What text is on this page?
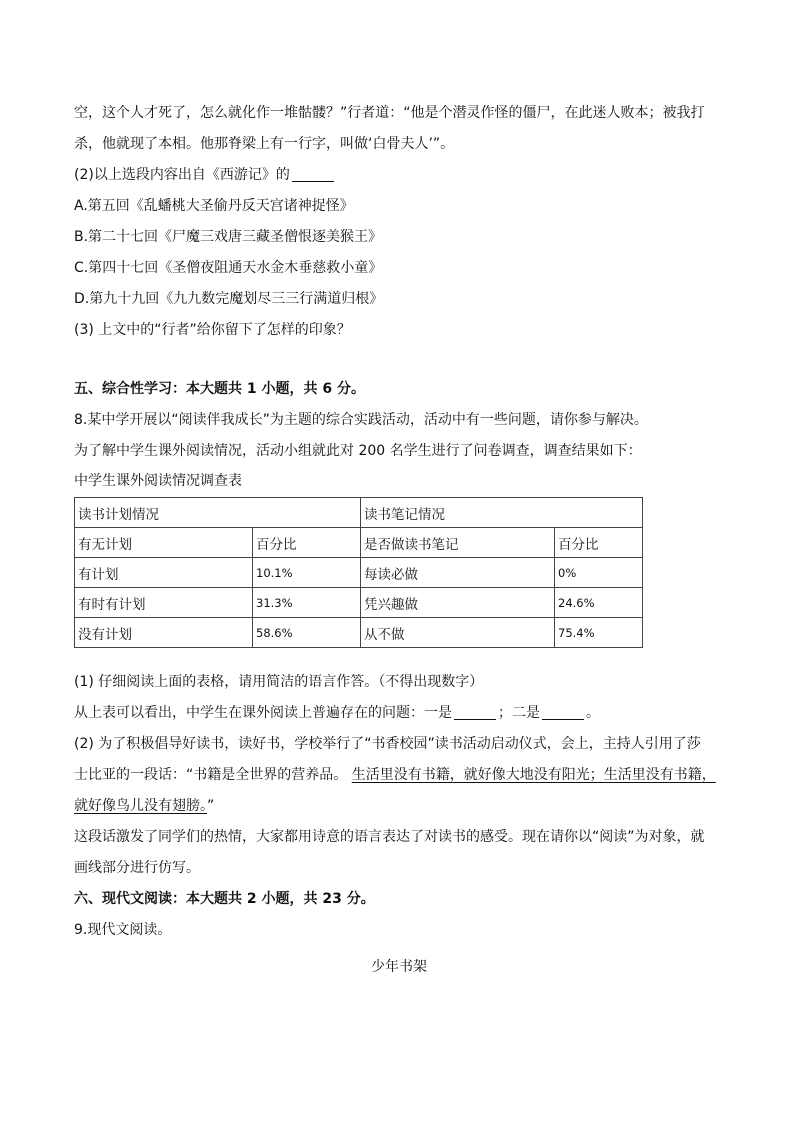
空，这个人才死了，怎么就化作一堆骷髅？”行者道：“他是个潜灵作怪的僵尸，在此迷人败本；被我打
杀，他就现了本相。他那脊梁上有一行字，叫做‘白骨夫人’”。
(2)以上选段内容出自《西游记》的
A.第五回《乱蟠桃大圣偷丹反天宫诸神捉怪》
B.第二十七回《尸魔三戏唐三藏圣僧恨逐美猴王》
C.第四十七回《圣僧夜阻通天水金木垂慈救小童》
D.第九十九回《九九数完魔划尽三三行满道归根》
(3) 上文中的“行者”给你留下了怎样的印象？
五、综合性学习：本大题共 1 小题，共 6 分。
8.某中学开展以“阅读伴我成长”为主题的综合实践活动，活动中有一些问题，请你参与解决。
为了解中学生课外阅读情况，活动小组就此对 200 名学生进行了问卷调查，调查结果如下：
中学生课外阅读情况调查表
读书计划情况		读书笔记情况	
有无计划	百分比	是否做读书笔记	百分比
有计划	10.1%	每读必做	0%
有时有计划	31.3%	凭兴趣做	24.6%
没有计划	58.6%	从不做	75.4%
(1) 仔细阅读上面的表格，请用简洁的语言作答。（不得出现数字）
从上表可以看出，中学生在课外阅读上普遍存在的问题：一是	；二是	。
(2) 为了积极倡导好读书，读好书，学校举行了“书香校园”读书活动启动仪式，会上，主持人引用了莎
士比亚的一段话：“书籍是全世界的营养品。 生活里没有书籍，就好像大地没有阳光；生活里没有书籍，
就好像鸟儿没有翅膀。”
这段话激发了同学们的热情，大家都用诗意的语言表达了对读书的感受。现在请你以“阅读”为对象，就
画线部分进行仿写。
六、现代文阅读：本大题共 2 小题，共 23 分。
9.现代文阅读。
少年书架
